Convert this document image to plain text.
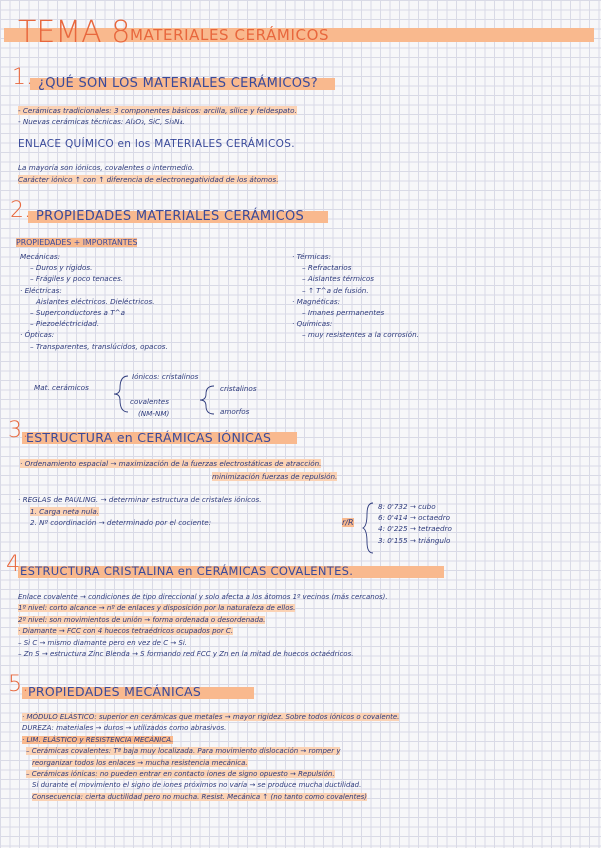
TEMA 8 MATERIALES CERÁMICOS
1. ¿QUÉ SON LOS MATERIALES CERÁMICOS?
- Cerámicas tradicionales: 3 componentes básicos: arcilla, sílice y feldespato.
- Nuevas cerámicas técnicas: Al₂O₃, SiC, Si₃N₄.
ENLACE QUÍMICO en los MATERIALES CERÁMICOS.
La mayoría son iónicos, covalentes o intermedio.
Carácter iónico ↑ con ↑ diferencia de electronegatividad de los átomos.
2. PROPIEDADES MATERIALES CERÁMICOS
PROPIEDADES + IMPORTANTES
Mecánicas:
– Duros y rígidos.
– Frágiles y poco tenaces.
· Eléctricas:
Aislantes eléctricos. Dieléctricos.
– Superconductores a T^a
– Piezoeléctricidad.
· Ópticas:
– Transparentes, translúcidos, opacos.
· Térmicas:
– Refractarios
– Aislantes térmicos
– ↑ T^a de fusión.
· Magnéticas:
– Imanes permanentes
· Químicas:
– muy resistentes a la corrosión.
Mat. cerámicos
Iónicos: cristalinos
covalentes
(NM-NM)
cristalinos
amorfos
3.
ESTRUCTURA en CERÁMICAS IÓNICAS
· Ordenamiento espacial → maximización de la fuerzas electrostáticas de atracción.
minimización fuerzas de repulsión.
· REGLAS de PAULING. → determinar estructura de cristales iónicos.
1. Carga neta nula.
2. Nº coordinación → determinado por el cociente:	r/R
8: 0'732 → cubo
6: 0'414 → octaedro
4: 0'225 → tetraedro
3: 0'155 → triángulo
4.
ESTRUCTURA CRISTALINA en CERÁMICAS COVALENTES.
Enlace covalente → condiciones de tipo direccional y solo afecta a los átomos 1º vecinos (más cercanos).
1º nivel: corto alcance → nº de enlaces y disposición por la naturaleza de ellos.
2º nivel: son movimientos de unión → forma ordenada o desordenada.
· Diamante → FCC con 4 huecos tetraédricos ocupados por C.
– Si C → mismo diamante pero en vez de C → Si.
– Zn S → estructura Zinc Blenda → S formando red FCC y Zn en la mitad de huecos octaédricos.
5. PROPIEDADES MECÁNICAS
· MÓDULO ELÁSTICO: superior en cerámicas que metales → mayor rigidez. Sobre todos iónicos o covalente.
DUREZA: materiales → duros → utilizados como abrasivos.
· LIM. ELÁSTICO y RESISTENCIA MECÁNICA.
– Cerámicas covalentes: Tª baja muy localizada. Para movimiento dislocación → romper y
reorganizar todos los enlaces → mucha resistencia mecánica.
– Cerámicas iónicas: no pueden entrar en contacto iones de signo opuesto → Repulsión.
Si durante el movimiento el signo de iones próximos no varía → se produce mucha ductilidad.
Consecuencia: cierta ductilidad pero no mucha. Resist. Mecánica ↑ (no tanto como covalentes)
